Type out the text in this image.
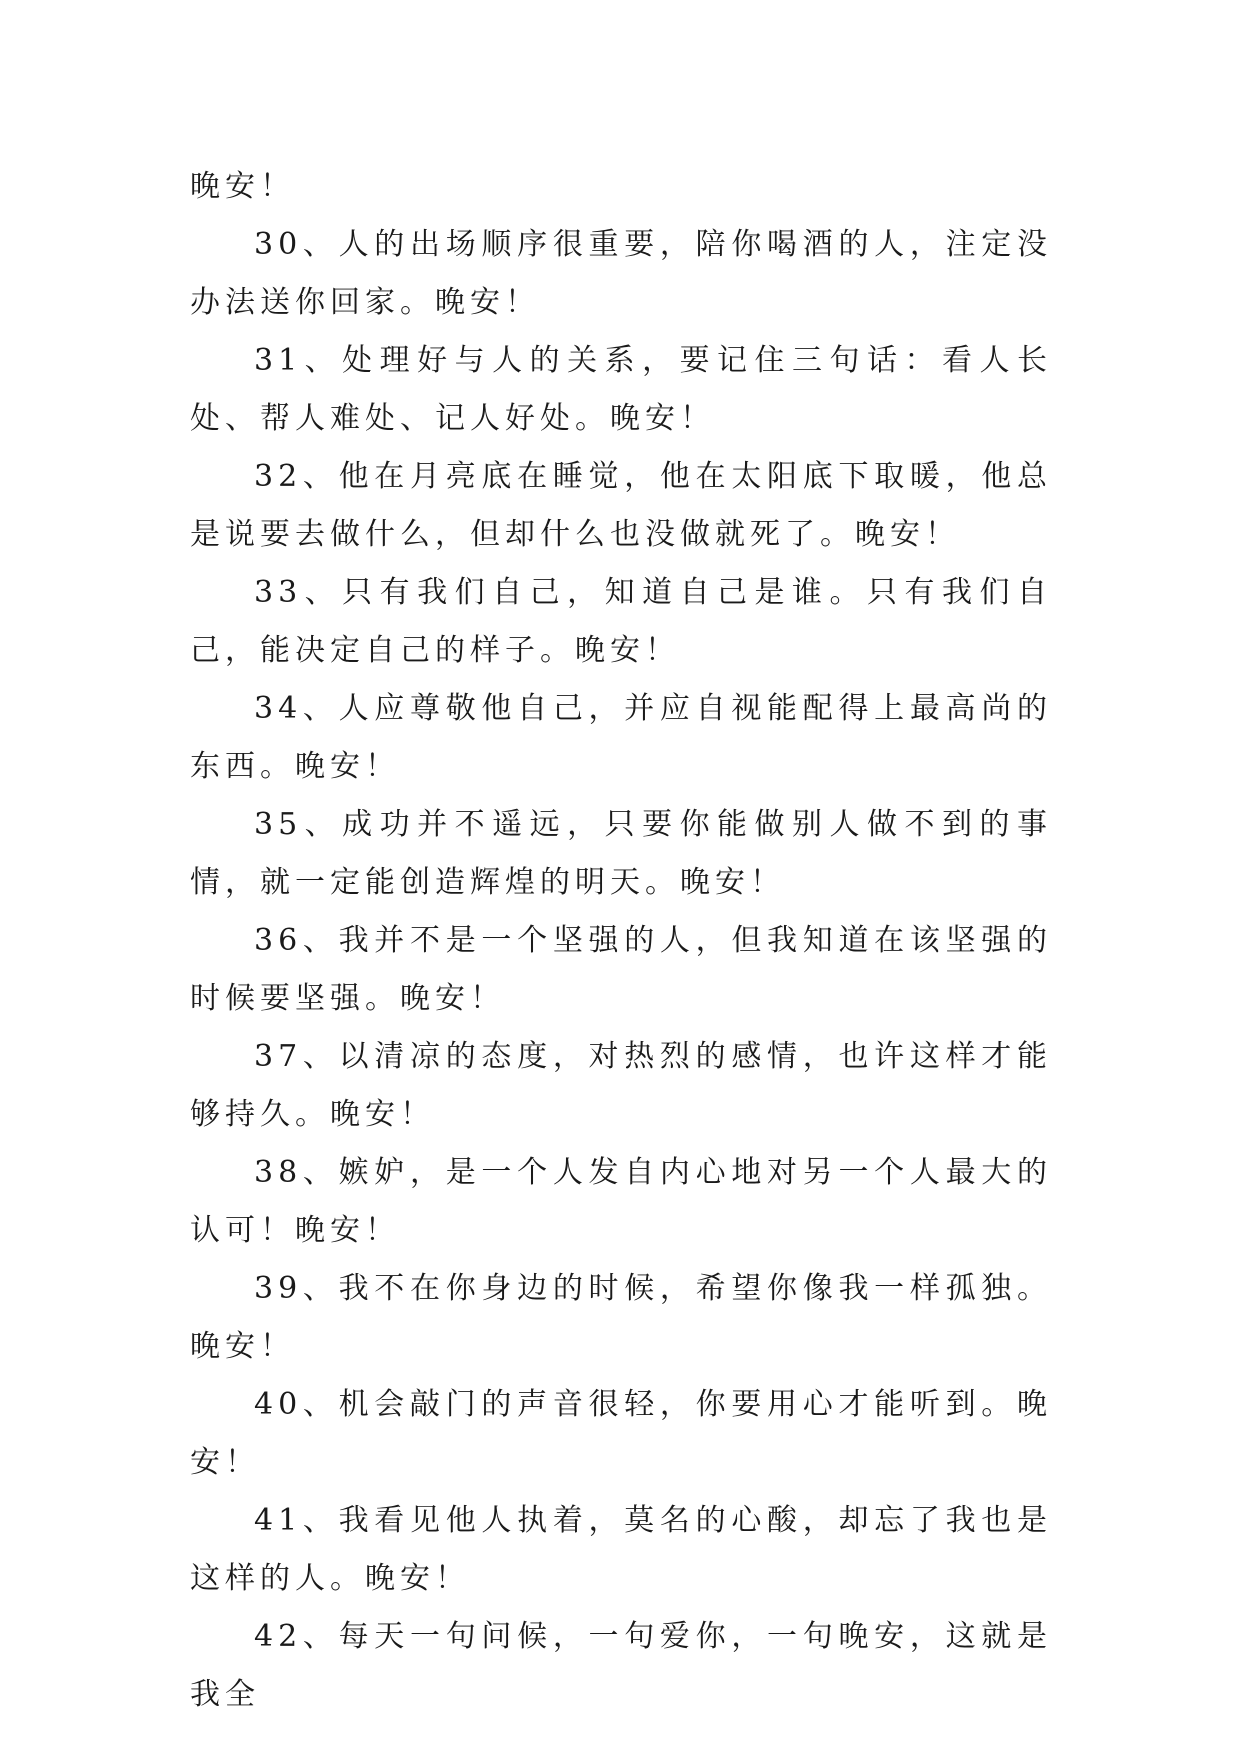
晚安！

30、人的出场顺序很重要，陪你喝酒的人，注定没办法送你回家。晚安！

31、处理好与人的关系，要记住三句话：看人长处、帮人难处、记人好处。晚安！

32、他在月亮底在睡觉，他在太阳底下取暖，他总是说要去做什么，但却什么也没做就死了。晚安！

33、只有我们自己，知道自己是谁。只有我们自己，能决定自己的样子。晚安！

34、人应尊敬他自己，并应自视能配得上最高尚的东西。晚安！

35、成功并不遥远，只要你能做别人做不到的事情，就一定能创造辉煌的明天。晚安！

36、我并不是一个坚强的人，但我知道在该坚强的时候要坚强。晚安！

37、以清凉的态度，对热烈的感情，也许这样才能够持久。晚安！

38、嫉妒，是一个人发自内心地对另一个人最大的认可！晚安！

39、我不在你身边的时候，希望你像我一样孤独。晚安！

40、机会敲门的声音很轻，你要用心才能听到。晚安！

41、我看见他人执着，莫名的心酸，却忘了我也是这样的人。晚安！

42、每天一句问候，一句爱你，一句晚安，这就是我全
